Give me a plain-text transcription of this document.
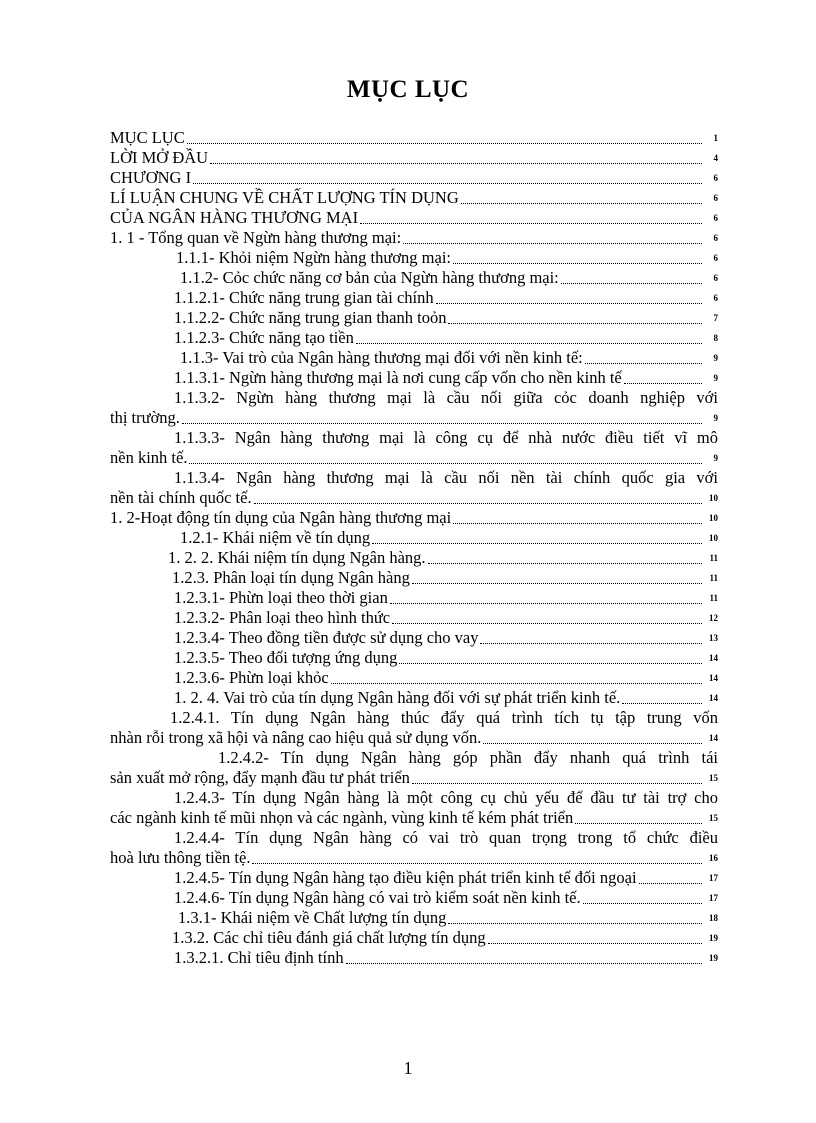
MỤC LỤC
MỤC LỤC	1
LỜI MỞ ĐẦU	4
CHƯƠNG I	6
LÍ LUẬN CHUNG VỀ CHẤT LƯỢNG TÍN DỤNG	6
CỦA NGÂN HÀNG THƯƠNG MẠI	6
1. 1 - Tổng quan về Ngừn hàng thương mại:	6
1.1.1- Khỏi niệm Ngừn hàng thương mại:	6
1.1.2- Cỏc chức năng cơ bản của Ngừn hàng thương mại:	6
1.1.2.1- Chức năng trung gian tài chính	6
1.1.2.2- Chức năng trung gian thanh toỏn	7
1.1.2.3- Chức năng tạo tiền	8
1.1.3- Vai trò của Ngân hàng thương mại đối với nền kinh tế:	9
1.1.3.1- Ngừn hàng thương mại là nơi cung cấp vốn cho nền kinh tế	9
1.1.3.2- Ngừn hàng thương mại là cầu nối giữa cỏc doanh nghiệp với
thị trường.	9
1.1.3.3- Ngân hàng thương mại là công cụ để nhà nước điều tiết vĩ mô
nền kinh tế.	9
1.1.3.4- Ngân hàng thương mại là cầu nối nền tài chính quốc gia với
nền tài chính quốc tế.	10
1. 2-Hoạt động tín dụng của Ngân hàng thương mại	10
1.2.1- Khái niệm về tín dụng	10
1. 2. 2. Khái niệm tín dụng Ngân hàng.	11
1.2.3. Phân loại tín dụng Ngân hàng	11
1.2.3.1- Phừn loại theo thời gian	11
1.2.3.2- Phân loại theo hình thức	12
1.2.3.4- Theo đồng tiền được sử dụng cho vay	13
1.2.3.5- Theo đối tượng ứng dụng	14
1.2.3.6- Phừn loại khỏc	14
1. 2. 4. Vai trò của tín dụng Ngân hàng đối với sự phát triển kinh tế.	14
1.2.4.1. Tín dụng Ngân hàng thúc đẩy quá trình tích tụ tập trung vốn
nhàn rỗi trong xã hội và nâng cao hiệu quả sử dụng vốn.	14
1.2.4.2- Tín dụng Ngân hàng góp phần đẩy nhanh quá trình tái
sản xuất mở rộng, đẩy mạnh đầu tư phát triển	15
1.2.4.3- Tín dụng Ngân hàng là một công cụ chủ yếu để đầu tư tài trợ cho
các ngành kinh tế mũi nhọn và các ngành, vùng kinh tế kém phát triển	15
1.2.4.4- Tín dụng Ngân hàng có vai trò quan trọng trong tổ chức điều
hoà lưu thông tiền tệ.	16
1.2.4.5- Tín dụng Ngân hàng tạo điều kiện phát triển kinh tế đối ngoại	17
1.2.4.6- Tín dụng Ngân hàng có vai trò kiểm soát nền kinh tế.	17
1.3.1- Khái niệm về Chất lượng tín dụng	18
1.3.2. Các chỉ tiêu đánh giá chất lượng tín dụng	19
1.3.2.1. Chỉ tiêu định tính	19
1
